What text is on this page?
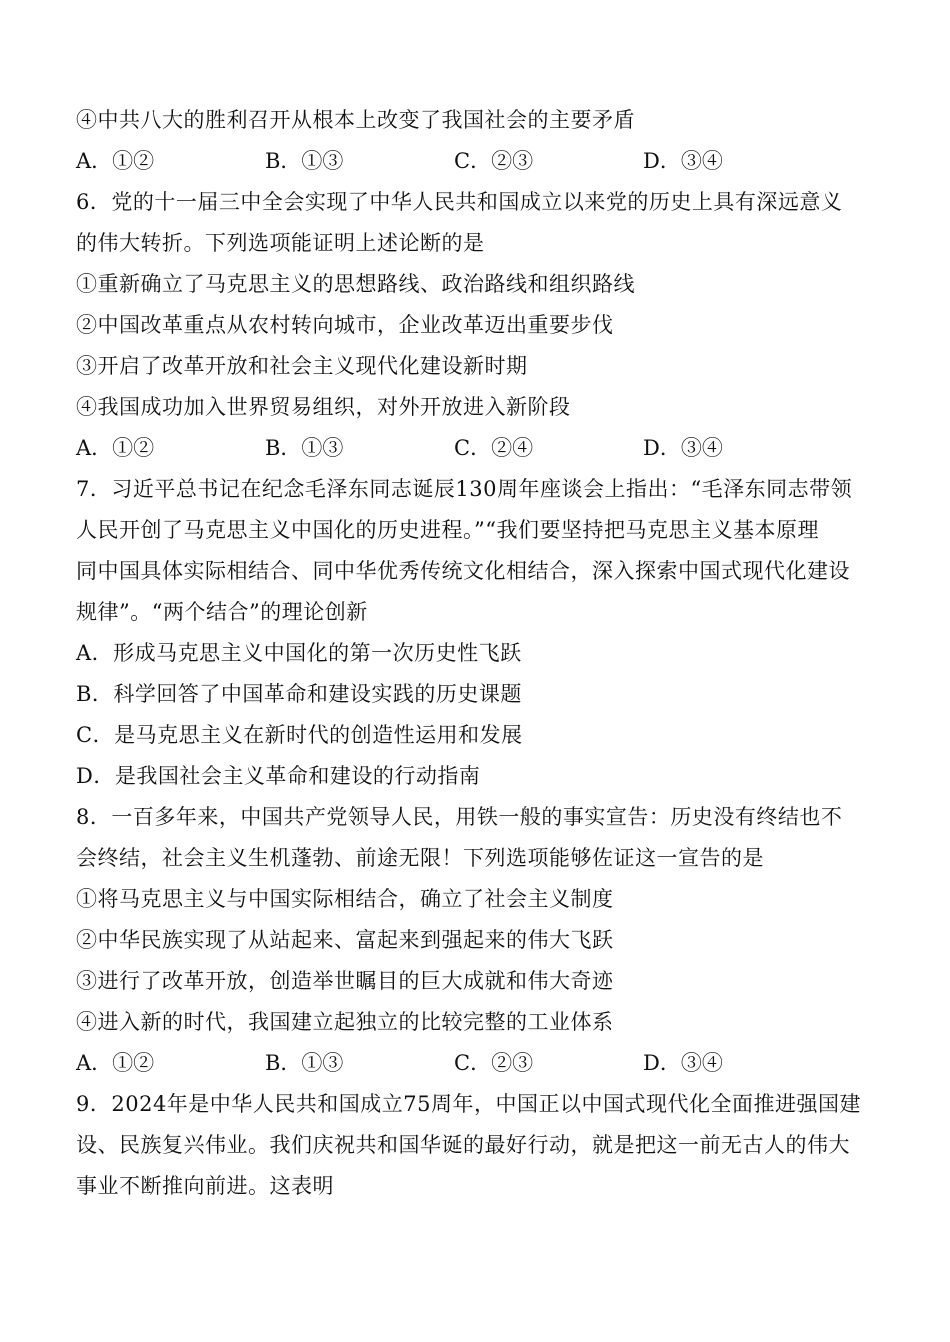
④中共八大的胜利召开从根本上改变了我国社会的主要矛盾
A．①②	B．①③	C．②③	D．③④
6．党的十一届三中全会实现了中华人民共和国成立以来党的历史上具有深远意义
的伟大转折。下列选项能证明上述论断的是
①重新确立了马克思主义的思想路线、政治路线和组织路线
②中国改革重点从农村转向城市，企业改革迈出重要步伐
③开启了改革开放和社会主义现代化建设新时期
④我国成功加入世界贸易组织，对外开放进入新阶段
A．①②	B．①③	C．②④	D．③④
7．习近平总书记在纪念毛泽东同志诞辰130周年座谈会上指出：“毛泽东同志带领
人民开创了马克思主义中国化的历史进程。”“我们要坚持把马克思主义基本原理
同中国具体实际相结合、同中华优秀传统文化相结合，深入探索中国式现代化建设
规律”。“两个结合”的理论创新
A．形成马克思主义中国化的第一次历史性飞跃
B．科学回答了中国革命和建设实践的历史课题
C．是马克思主义在新时代的创造性运用和发展
D．是我国社会主义革命和建设的行动指南
8．一百多年来，中国共产党领导人民，用铁一般的事实宣告：历史没有终结也不
会终结，社会主义生机蓬勃、前途无限！下列选项能够佐证这一宣告的是
①将马克思主义与中国实际相结合，确立了社会主义制度
②中华民族实现了从站起来、富起来到强起来的伟大飞跃
③进行了改革开放，创造举世瞩目的巨大成就和伟大奇迹
④进入新的时代，我国建立起独立的比较完整的工业体系
A．①②	B．①③	C．②③	D．③④
9．2024年是中华人民共和国成立75周年，中国正以中国式现代化全面推进强国建
设、民族复兴伟业。我们庆祝共和国华诞的最好行动，就是把这一前无古人的伟大
事业不断推向前进。这表明
